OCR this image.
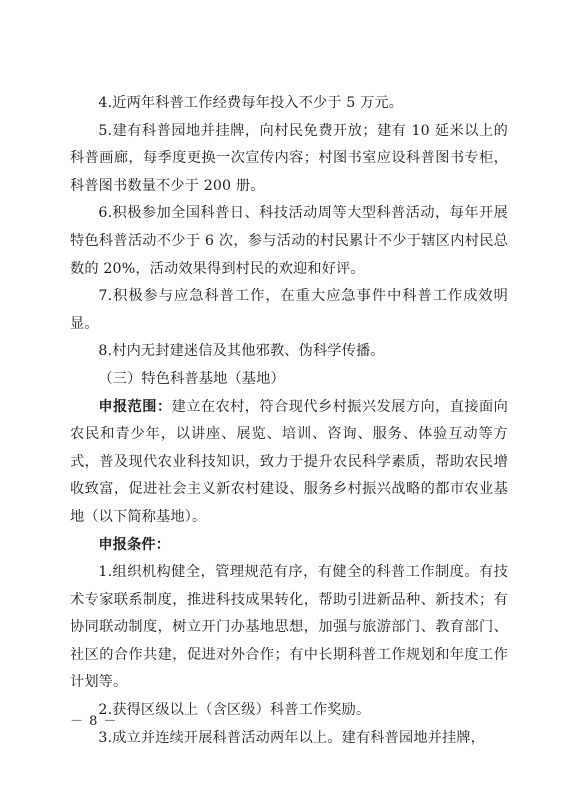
4.近两年科普工作经费每年投入不少于 5 万元。

5.建有科普园地并挂牌，向村民免费开放；建有 10 延米以上的科普画廊，每季度更换一次宣传内容；村图书室应设科普图书专柜，科普图书数量不少于 200 册。

6.积极参加全国科普日、科技活动周等大型科普活动，每年开展特色科普活动不少于 6 次，参与活动的村民累计不少于辖区内村民总数的 20%，活动效果得到村民的欢迎和好评。

7.积极参与应急科普工作，在重大应急事件中科普工作成效明显。

8.村内无封建迷信及其他邪教、伪科学传播。

（三）特色科普基地（基地）

申报范围：建立在农村，符合现代乡村振兴发展方向，直接面向农民和青少年，以讲座、展览、培训、咨询、服务、体验互动等方式，普及现代农业科技知识，致力于提升农民科学素质，帮助农民增收致富，促进社会主义新农村建设、服务乡村振兴战略的都市农业基地（以下简称基地）。

申报条件：

1.组织机构健全，管理规范有序，有健全的科普工作制度。有技术专家联系制度，推进科技成果转化，帮助引进新品种、新技术；有协同联动制度，树立开门办基地思想，加强与旅游部门、教育部门、社区的合作共建，促进对外合作；有中长期科普工作规划和年度工作计划等。

2.获得区级以上（含区级）科普工作奖励。

3.成立并连续开展科普活动两年以上。建有科普园地并挂牌，

－ 8 －
